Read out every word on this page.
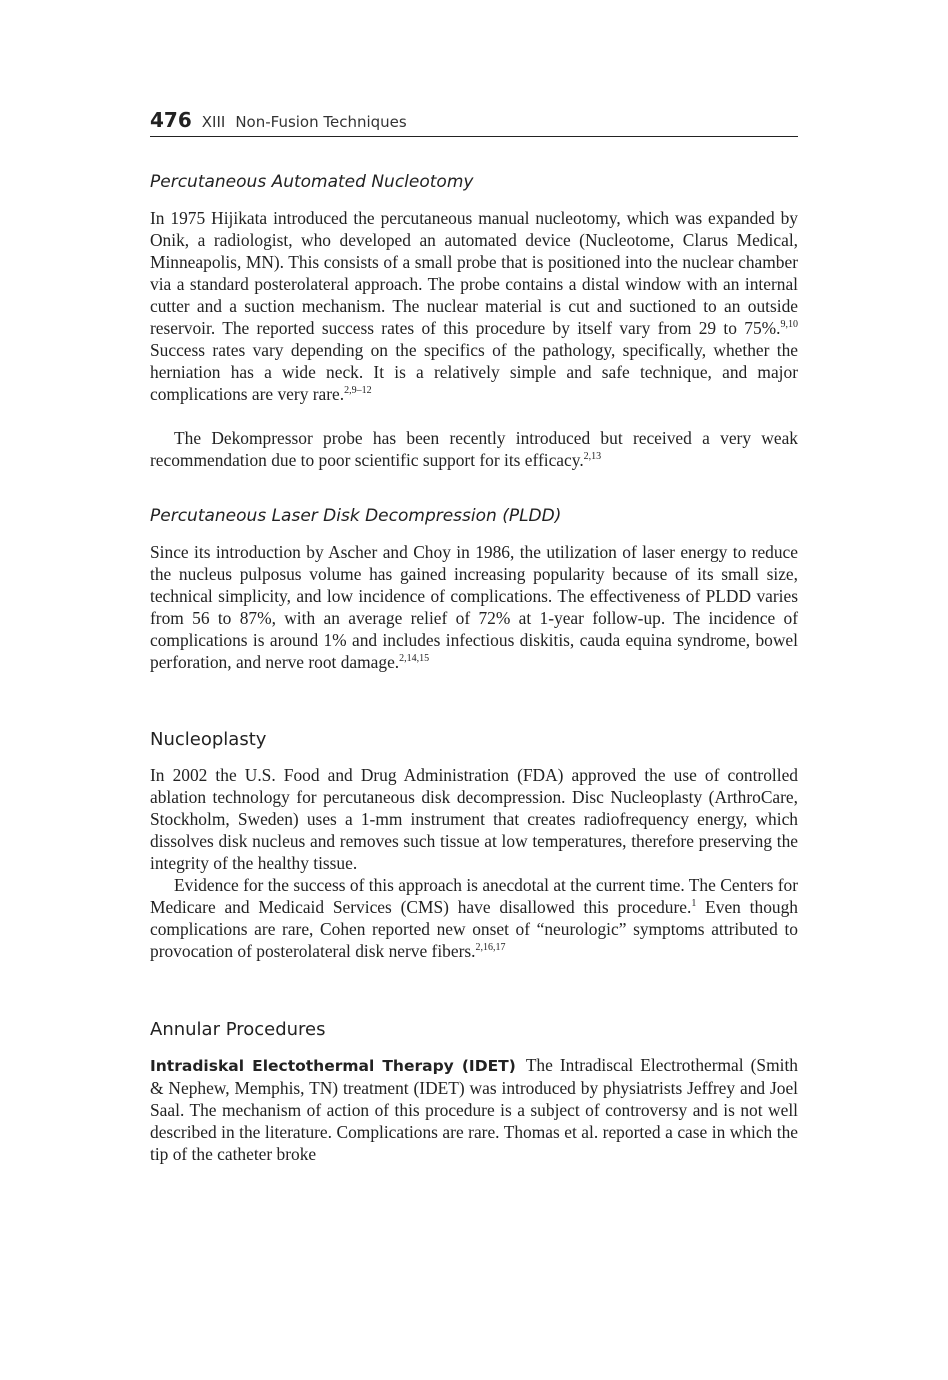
476 XIII Non-Fusion Techniques
Percutaneous Automated Nucleotomy

In 1975 Hijikata introduced the percutaneous manual nucleotomy, which was expanded by Onik, a radiologist, who developed an automated device (Nucleotome, Clarus Medical, Minneapolis, MN). This consists of a small probe that is positioned into the nuclear chamber via a standard posterolateral approach. The probe contains a distal window with an internal cutter and a suction mechanism. The nuclear material is cut and suctioned to an outside reservoir. The reported success rates of this procedure by itself vary from 29 to 75%.$^{9,10}$ Success rates vary depending on the specifics of the pathology, specifically, whether the herniation has a wide neck. It is a relatively simple and safe technique, and major complications are very rare.$^{2,9-12}$

The Dekompressor probe has been recently introduced but received a very weak recommendation due to poor scientific support for its efficacy.$^{2,13}$

Percutaneous Laser Disk Decompression (PLDD)

Since its introduction by Ascher and Choy in 1986, the utilization of laser energy to reduce the nucleus pulposus volume has gained increasing popularity because of its small size, technical simplicity, and low incidence of complications. The effectiveness of PLDD varies from 56 to 87%, with an average relief of 72% at 1-year follow-up. The incidence of complications is around 1% and includes infectious diskitis, cauda equina syndrome, bowel perforation, and nerve root damage.$^{2,14,15}$

Nucleoplasty

In 2002 the U.S. Food and Drug Administration (FDA) approved the use of controlled ablation technology for percutaneous disk decompression. Disc Nucleoplasty (ArthroCare, Stockholm, Sweden) uses a 1-mm instrument that creates radiofrequency energy, which dissolves disk nucleus and removes such tissue at low temperatures, therefore preserving the integrity of the healthy tissue.

Evidence for the success of this approach is anecdotal at the current time. The Centers for Medicare and Medicaid Services (CMS) have disallowed this procedure.$^1$ Even though complications are rare, Cohen reported new onset of “neurologic” symptoms attributed to provocation of posterolateral disk nerve fibers.$^{2,16,17}$

Annular Procedures

Intradiskal Electothermal Therapy (IDET) The Intradiscal Electrothermal (Smith & Nephew, Memphis, TN) treatment (IDET) was introduced by physiatrists Jeffrey and Joel Saal. The mechanism of action of this procedure is a subject of controversy and is not well described in the literature. Complications are rare. Thomas et al. reported a case in which the tip of the catheter broke
